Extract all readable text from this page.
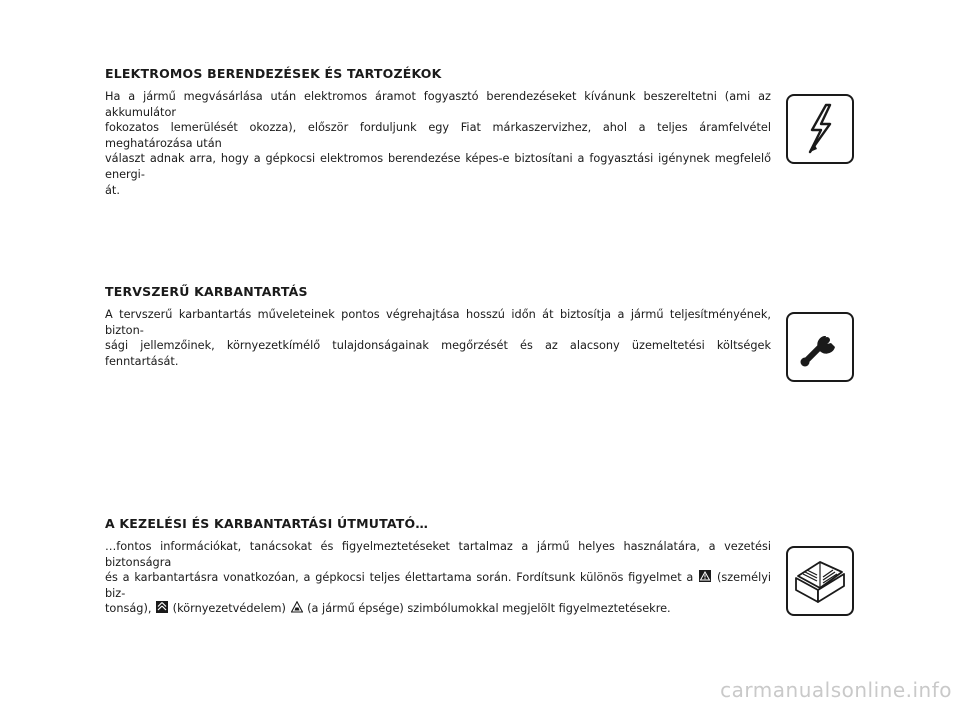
ELEKTROMOS BERENDEZÉSEK ÉS TARTOZÉKOK

Ha a jármű megvásárlása után elektromos áramot fogyasztó berendezéseket kívánunk beszereltetni (ami az akkumulátor
fokozatos lemerülését okozza), először forduljunk egy Fiat márkaszervizhez, ahol a teljes áramfelvétel meghatározása után
választ adnak arra, hogy a gépkocsi elektromos berendezése képes-e biztosítani a fogyasztási igénynek megfelelő energi-
át.

TERVSZERŰ KARBANTARTÁS

A tervszerű karbantartás műveleteinek pontos végrehajtása hosszú időn át biztosítja a jármű teljesítményének, bizton-
sági jellemzőinek, környezetkímélő tulajdonságainak megőrzését és az alacsony üzemeltetési költségek fenntartását.

A KEZELÉSI ÉS KARBANTARTÁSI ÚTMUTATÓ…

…fontos információkat, tanácsokat és figyelmeztetéseket tartalmaz a jármű helyes használatára, a vezetési biztonságra
és a karbantartásra vonatkozóan, a gépkocsi teljes élettartama során. Fordítsunk különös figyelmet a (személyi biz-
tonság), (környezetvédelem) (a jármű épsége) szimbólumokkal megjelölt figyelmeztetésekre.

carmanualsonline.info
